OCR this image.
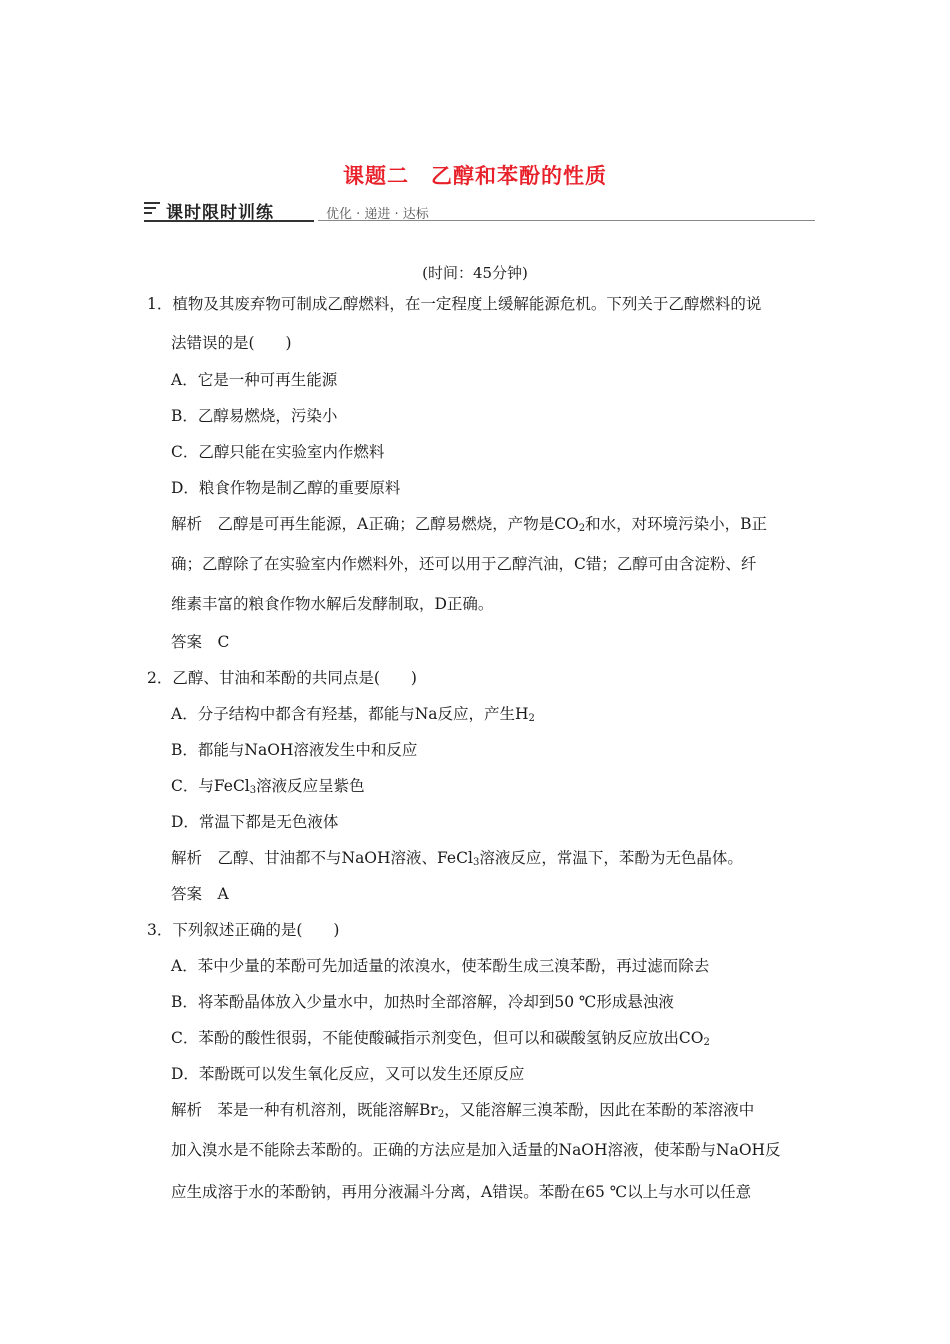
课题二　乙醇和苯酚的性质
课时限时训练	优化 · 递进 · 达标
(时间：45分钟)
1．植物及其废弃物可制成乙醇燃料，在一定程度上缓解能源危机。下列关于乙醇燃料的说
法错误的是(　　)
A．它是一种可再生能源
B．乙醇易燃烧，污染小
C．乙醇只能在实验室内作燃料
D．粮食作物是制乙醇的重要原料
解析　乙醇是可再生能源，A正确；乙醇易燃烧，产物是$CO_2$和水，对环境污染小，B正
确；乙醇除了在实验室内作燃料外，还可以用于乙醇汽油，C错；乙醇可由含淀粉、纤
维素丰富的粮食作物水解后发酵制取，D正确。
答案　C
2．乙醇、甘油和苯酚的共同点是(　　)
A．分子结构中都含有羟基，都能与Na反应，产生$H_2$
B．都能与NaOH溶液发生中和反应
C．与FeCl$_3$溶液反应呈紫色
D．常温下都是无色液体
解析　乙醇、甘油都不与NaOH溶液、FeCl$_3$溶液反应，常温下，苯酚为无色晶体。
答案　A
3．下列叙述正确的是(　　)
A．苯中少量的苯酚可先加适量的浓溴水，使苯酚生成三溴苯酚，再过滤而除去
B．将苯酚晶体放入少量水中，加热时全部溶解，冷却到50 ℃形成悬浊液
C．苯酚的酸性很弱，不能使酸碱指示剂变色，但可以和碳酸氢钠反应放出$CO_2$
D．苯酚既可以发生氧化反应，又可以发生还原反应
解析　苯是一种有机溶剂，既能溶解$Br_2$，又能溶解三溴苯酚，因此在苯酚的苯溶液中
加入溴水是不能除去苯酚的。正确的方法应是加入适量的NaOH溶液，使苯酚与NaOH反
应生成溶于水的苯酚钠，再用分液漏斗分离，A错误。苯酚在65 ℃以上与水可以任意
